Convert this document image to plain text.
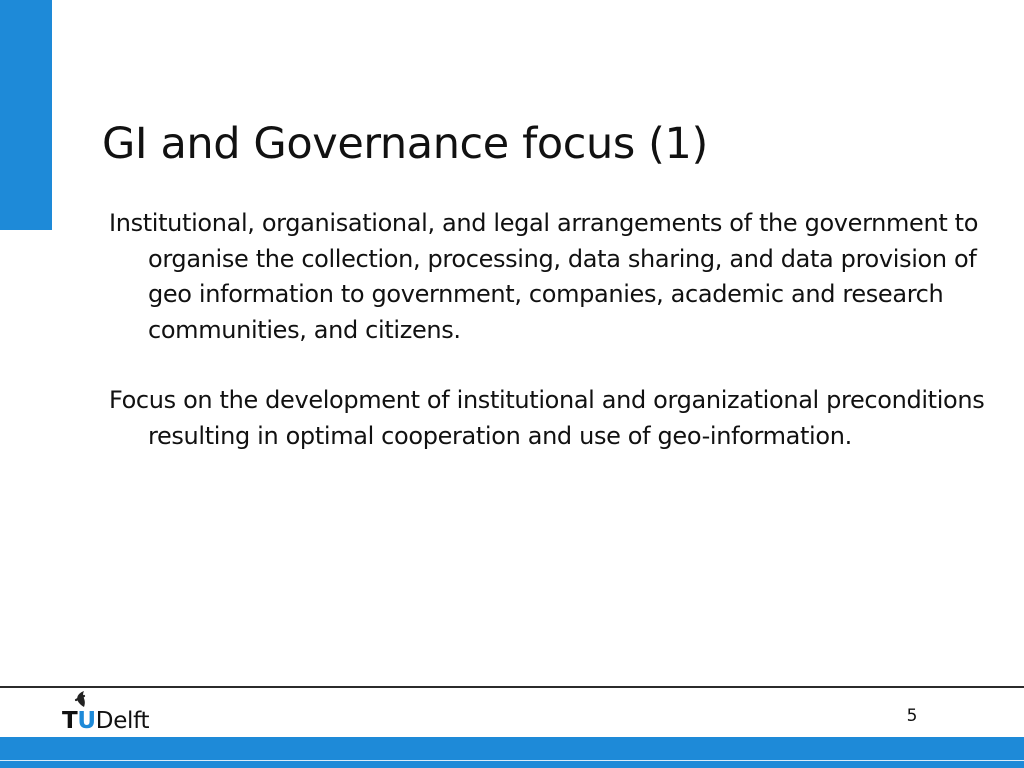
GI and Governance focus (1)

Institutional, organisational, and legal arrangements of the government to organise the collection, processing, data sharing, and data provision of geo information to government, companies, academic and research communities, and citizens.

Focus on the development of institutional and organizational preconditions resulting in optimal cooperation and use of geo-information.

TUDelft	5
